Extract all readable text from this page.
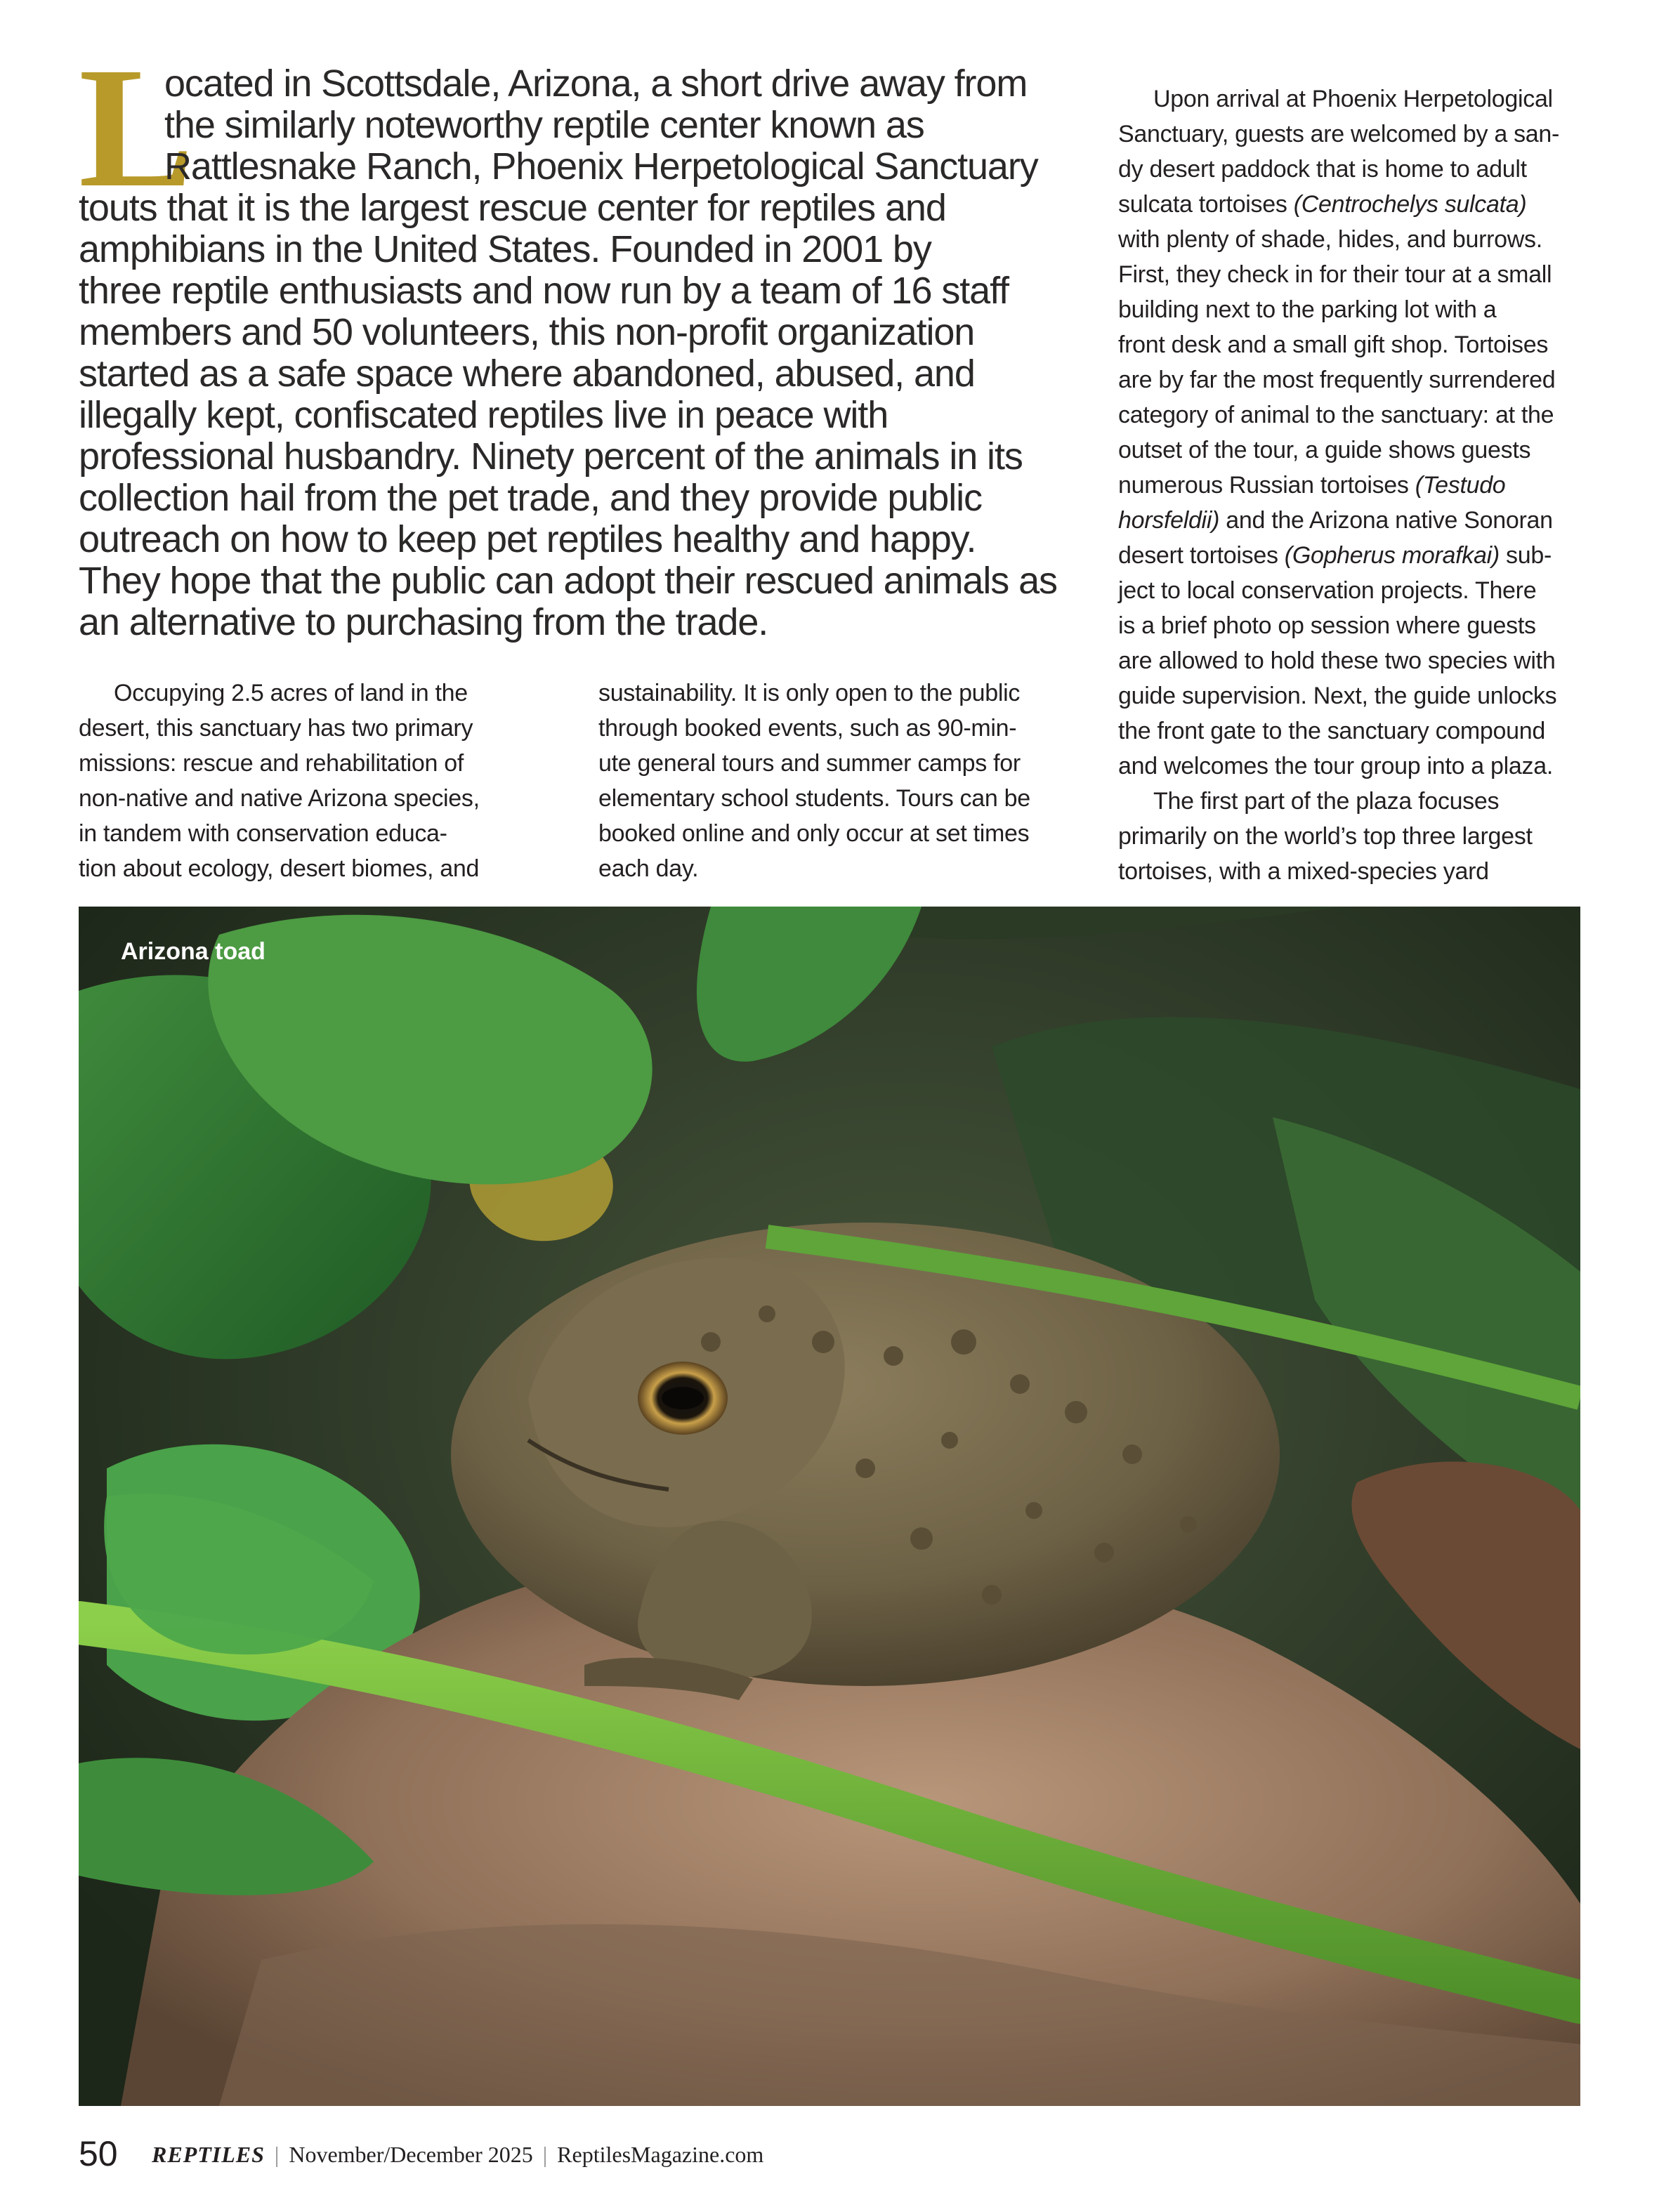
L
ocated in Scottsdale, Arizona, a short drive away from
the similarly noteworthy reptile center known as
Rattlesnake Ranch, Phoenix Herpetological Sanctuary
touts that it is the largest rescue center for reptiles and
amphibians in the United States. Founded in 2001 by
three reptile enthusiasts and now run by a team of 16 staff
members and 50 volunteers, this non-profit organization
started as a safe space where abandoned, abused, and
illegally kept, confiscated reptiles live in peace with
professional husbandry. Ninety percent of the animals in its
collection hail from the pet trade, and they provide public
outreach on how to keep pet reptiles healthy and happy.
They hope that the public can adopt their rescued animals as
an alternative to purchasing from the trade.
Occupying 2.5 acres of land in the
desert, this sanctuary has two primary
missions: rescue and rehabilitation of
non-native and native Arizona species,
in tandem with conservation educa-
tion about ecology, desert biomes, and
sustainability. It is only open to the public
through booked events, such as 90-min-
ute general tours and summer camps for
elementary school students. Tours can be
booked online and only occur at set times
each day.
Upon arrival at Phoenix Herpetological
Sanctuary, guests are welcomed by a san-
dy desert paddock that is home to adult
sulcata tortoises (Centrochelys sulcata)
with plenty of shade, hides, and burrows.
First, they check in for their tour at a small
building next to the parking lot with a
front desk and a small gift shop. Tortoises
are by far the most frequently surrendered
category of animal to the sanctuary: at the
outset of the tour, a guide shows guests
numerous Russian tortoises (Testudo
horsfeldii) and the Arizona native Sonoran
desert tortoises (Gopherus morafkai) sub-
ject to local conservation projects. There
is a brief photo op session where guests
are allowed to hold these two species with
guide supervision. Next, the guide unlocks
the front gate to the sanctuary compound
and welcomes the tour group into a plaza.
The first part of the plaza focuses
primarily on the world’s top three largest
tortoises, with a mixed-species yard
Arizona toad
50 REPTILES | November/December 2025 | ReptilesMagazine.com
